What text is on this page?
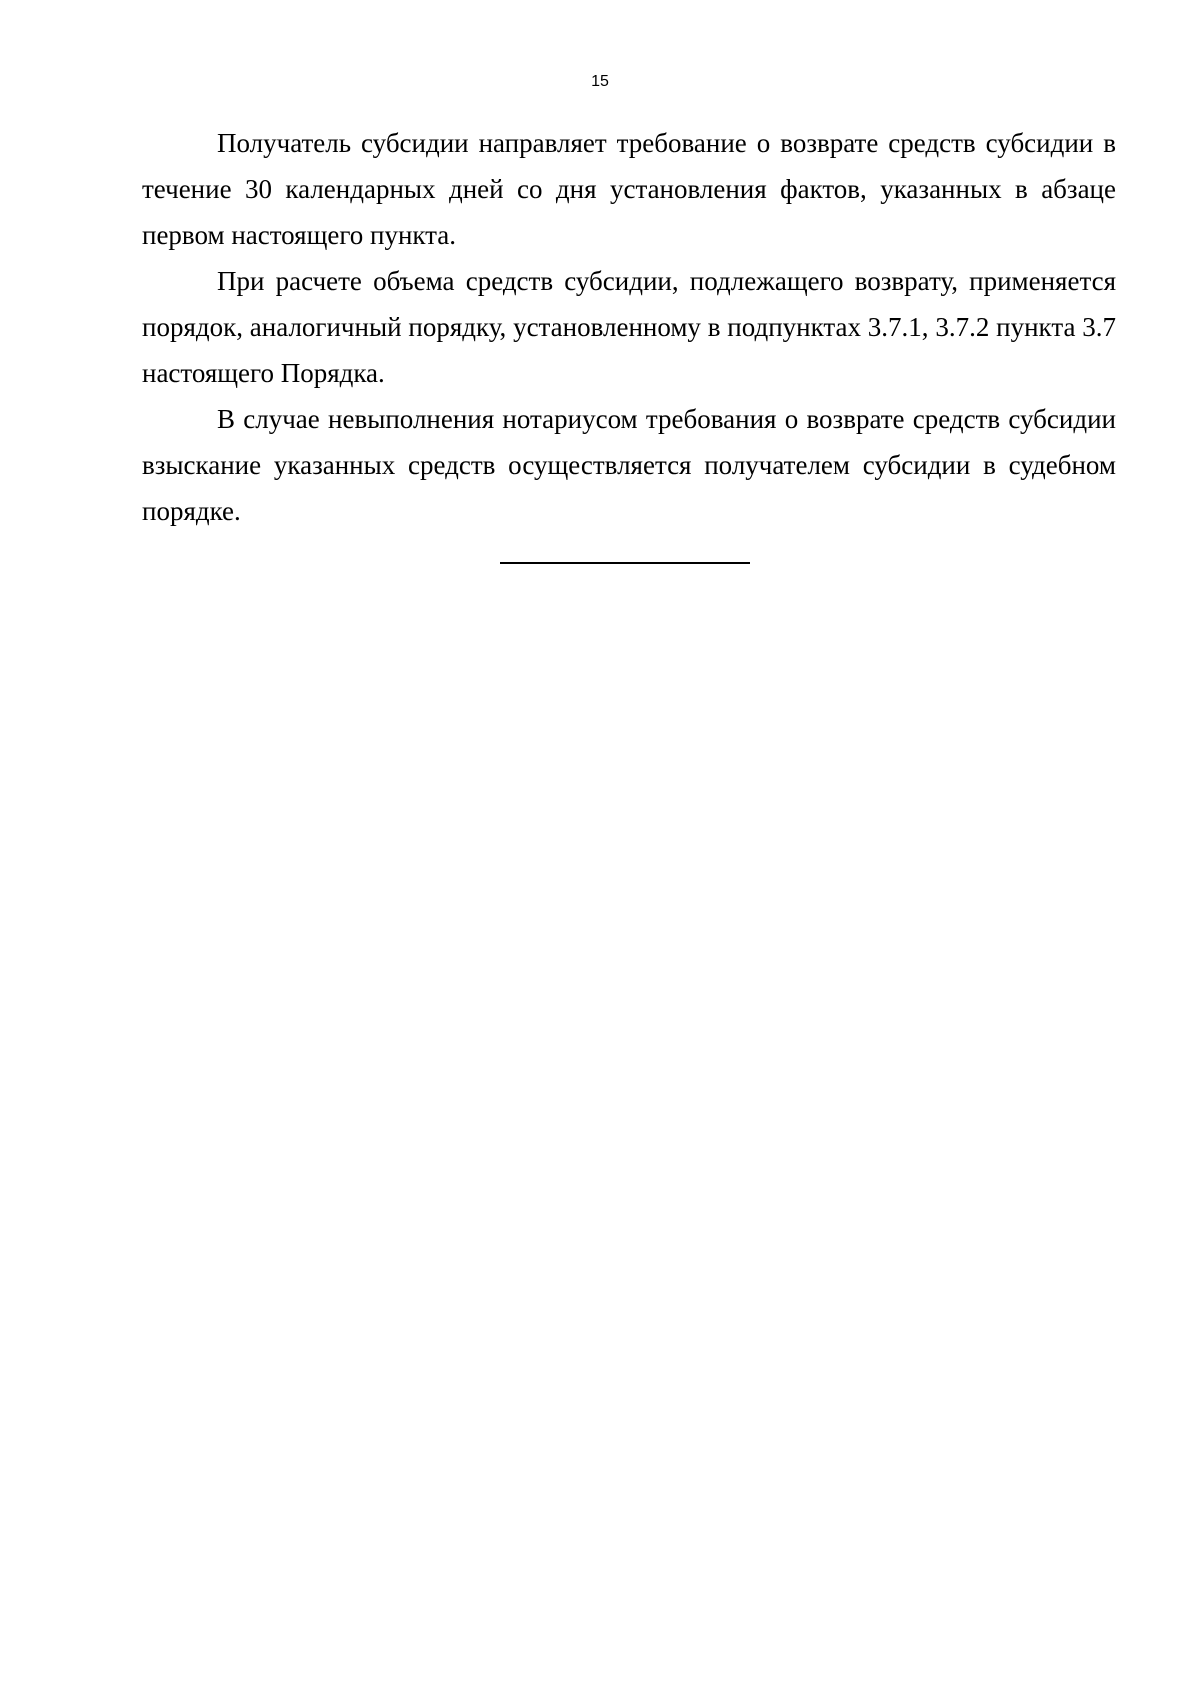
15

Получатель субсидии направляет требование о возврате средств субсидии в течение 30 календарных дней со дня установления фактов, указанных в абзаце первом настоящего пункта.

При расчете объема средств субсидии, подлежащего возврату, применяется порядок, аналогичный порядку, установленному в подпунктах 3.7.1, 3.7.2 пункта 3.7 настоящего Порядка.

В случае невыполнения нотариусом требования о возврате средств субсидии взыскание указанных средств осуществляется получателем субсидии в судебном порядке.
